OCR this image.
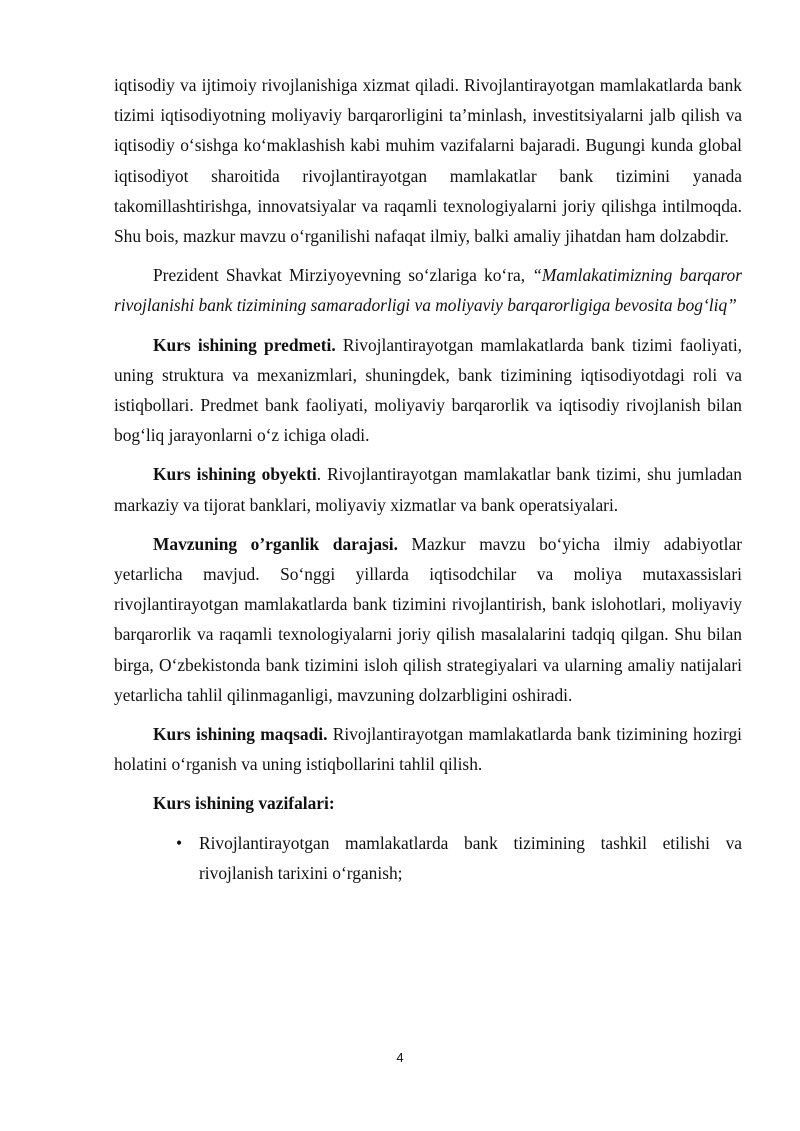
iqtisodiy va ijtimoiy rivojlanishiga xizmat qiladi. Rivojlantirayotgan mamlakatlarda bank tizimi iqtisodiyotning moliyaviy barqarorligini ta’minlash, investitsiyalarni jalb qilish va iqtisodiy o‘sishga ko‘maklashish kabi muhim vazifalarni bajaradi. Bugungi kunda global iqtisodiyot sharoitida rivojlantirayotgan mamlakatlar bank tizimini yanada takomillashtirishga, innovatsiyalar va raqamli texnologiyalarni joriy qilishga intilmoqda. Shu bois, mazkur mavzu o‘rganilishi nafaqat ilmiy, balki amaliy jihatdan ham dolzabdir.

Prezident Shavkat Mirziyoyevning so‘zlariga ko‘ra, “Mamlakatimizning barqaror rivojlanishi bank tizimining samaradorligi va moliyaviy barqarorligiga bevosita bog‘liq”

Kurs ishining predmeti. Rivojlantirayotgan mamlakatlarda bank tizimi faoliyati, uning struktura va mexanizmlari, shuningdek, bank tizimining iqtisodiyotdagi roli va istiqbollari. Predmet bank faoliyati, moliyaviy barqarorlik va iqtisodiy rivojlanish bilan bog‘liq jarayonlarni o‘z ichiga oladi.

Kurs ishining obyekti. Rivojlantirayotgan mamlakatlar bank tizimi, shu jumladan markaziy va tijorat banklari, moliyaviy xizmatlar va bank operatsiyalari.

Mavzuning o’rganlik darajasi. Mazkur mavzu bo‘yicha ilmiy adabiyotlar yetarlicha mavjud. So‘nggi yillarda iqtisodchilar va moliya mutaxassislari rivojlantirayotgan mamlakatlarda bank tizimini rivojlantirish, bank islohotlari, moliyaviy barqarorlik va raqamli texnologiyalarni joriy qilish masalalarini tadqiq qilgan. Shu bilan birga, O‘zbekistonda bank tizimini isloh qilish strategiyalari va ularning amaliy natijalari yetarlicha tahlil qilinmaganligi, mavzuning dolzarbligini oshiradi.

Kurs ishining maqsadi. Rivojlantirayotgan mamlakatlarda bank tizimining hozirgi holatini o‘rganish va uning istiqbollarini tahlil qilish.

Kurs ishining vazifalari:

• Rivojlantirayotgan mamlakatlarda bank tizimining tashkil etilishi va rivojlanish tarixini o‘rganish;
4
